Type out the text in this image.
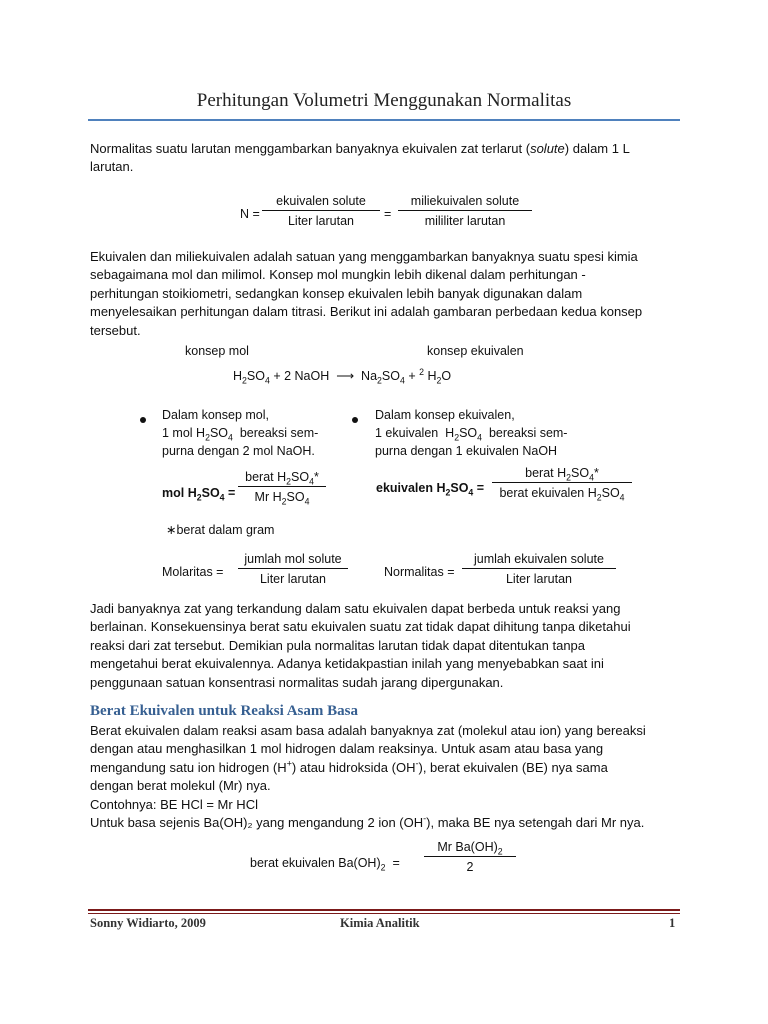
Perhitungan Volumetri Menggunakan Normalitas
Normalitas suatu larutan menggambarkan banyaknya ekuivalen zat terlarut (solute) dalam 1 L
larutan.
N =
ekuivalen solute
Liter larutan	=
miliekuivalen solute
mililiter larutan
Ekuivalen dan miliekuivalen adalah satuan yang menggambarkan banyaknya suatu spesi kimia
sebagaimana mol dan milimol. Konsep mol mungkin lebih dikenal dalam perhitungan -
perhitungan stoikiometri, sedangkan konsep ekuivalen lebih banyak digunakan dalam
menyelesaikan perhitungan dalam titrasi. Berikut ini adalah gambaran perbedaan kedua konsep
tersebut.
konsep mol	konsep ekuivalen
$H_2SO_4 + 2$ NaOH  ⟶  $Na_2SO_4 + ^2$ $H_2O$
Dalam konsep mol,
1 mol $H_2SO_4$  bereaksi sem-
purna dengan 2 mol NaOH.
Dalam konsep ekuivalen,
1 ekuivalen  $H_2SO_4$  bereaksi sem-
purna dengan 1 ekuivalen NaOH
mol $H_2SO_4$ =
berat $H_2SO_4*$
Mr $H_2SO_4$
ekuivalen $H_2SO_4$ =
berat $H_2SO_4*$
berat ekuivalen $H_2SO_4$
∗berat dalam gram
Molaritas =
jumlah mol solute
Liter larutan	Normalitas =
jumlah ekuivalen solute
Liter larutan
Jadi banyaknya zat yang terkandung dalam satu ekuivalen dapat berbeda untuk reaksi yang
berlainan. Konsekuensinya berat satu ekuivalen suatu zat tidak dapat dihitung tanpa diketahui
reaksi dari zat tersebut. Demikian pula normalitas larutan tidak dapat ditentukan tanpa
mengetahui berat ekuivalennya. Adanya ketidakpastian inilah yang menyebabkan saat ini
penggunaan satuan konsentrasi normalitas sudah jarang dipergunakan.
Berat Ekuivalen untuk Reaksi Asam Basa
Berat ekuivalen dalam reaksi asam basa adalah banyaknya zat (molekul atau ion) yang bereaksi
dengan atau menghasilkan 1 mol hidrogen dalam reaksinya. Untuk asam atau basa yang
mengandung satu ion hidrogen (H+) atau hidroksida (OH-), berat ekuivalen (BE) nya sama
dengan berat molekul (Mr) nya.
Contohnya: BE HCl = Mr HCl
Untuk basa sejenis Ba(OH)₂ yang mengandung 2 ion (OH-), maka BE nya setengah dari Mr nya.
berat ekuivalen $Ba(OH)_2$  =
Mr $Ba(OH)_2$
2
Sonny Widiarto, 2009	Kimia Analitik	1
